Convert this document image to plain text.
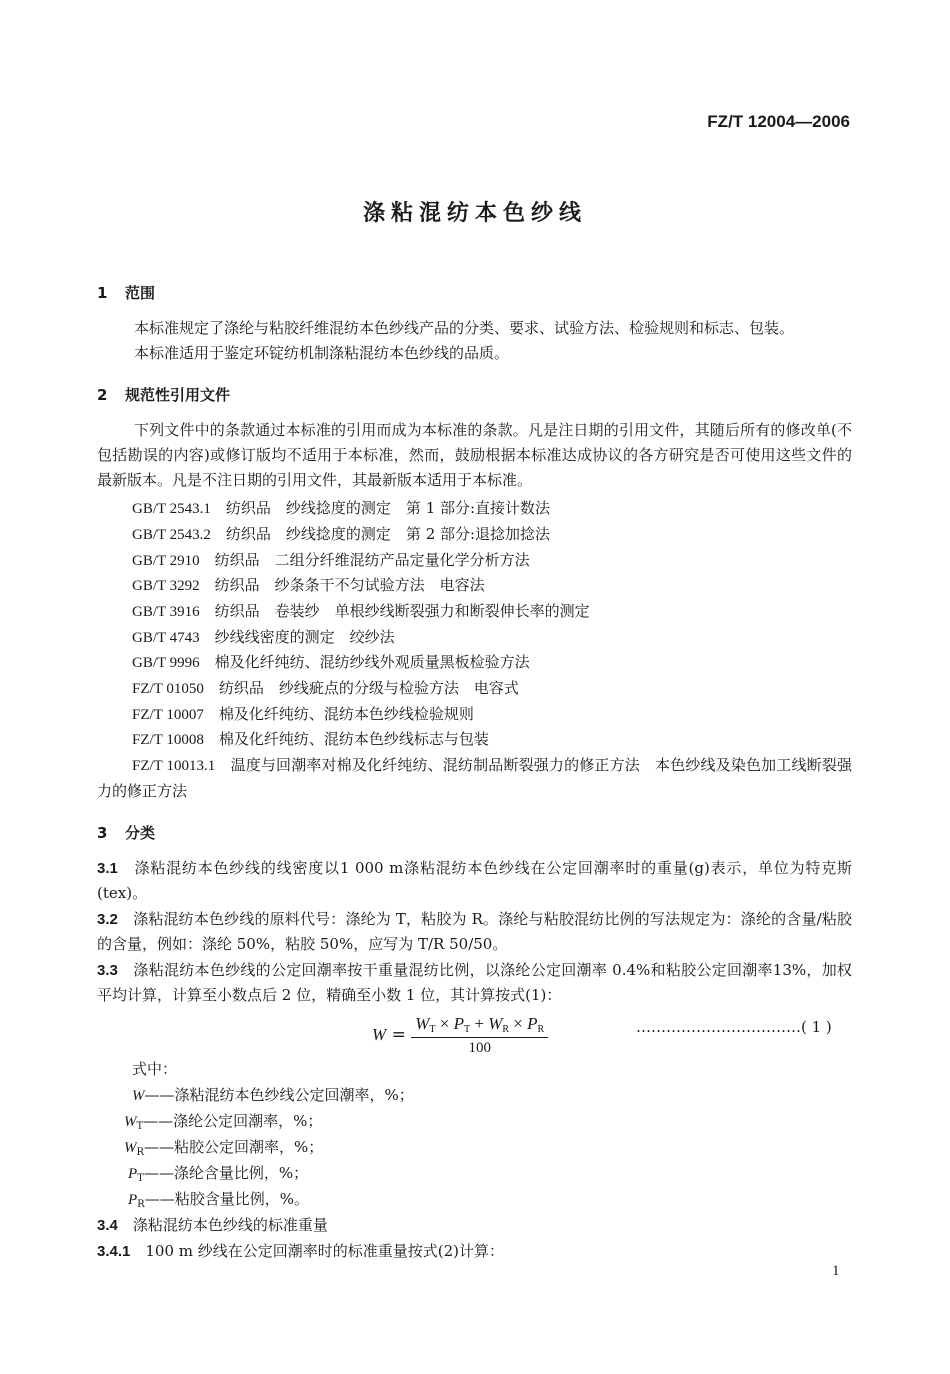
FZ/T 12004—2006
涤粘混纺本色纱线
1 范围
本标准规定了涤纶与粘胶纤维混纺本色纱线产品的分类、要求、试验方法、检验规则和标志、包装。
本标准适用于鉴定环锭纺机制涤粘混纺本色纱线的品质。
2 规范性引用文件
下列文件中的条款通过本标准的引用而成为本标准的条款。凡是注日期的引用文件，其随后所有的修改单(不包括勘误的内容)或修订版均不适用于本标准，然而，鼓励根据本标准达成协议的各方研究是否可使用这些文件的最新版本。凡是不注日期的引用文件，其最新版本适用于本标准。
GB/T 2543.1　 纺织品　纱线捻度的测定　第 1 部分:直接计数法
GB/T 2543.2　 纺织品　纱线捻度的测定　第 2 部分:退捻加捻法
GB/T 2910　 纺织品　二组分纤维混纺产品定量化学分析方法
GB/T 3292　 纺织品　纱条条干不匀试验方法　电容法
GB/T 3916　 纺织品　卷装纱　单根纱线断裂强力和断裂伸长率的测定
GB/T 4743　 纱线线密度的测定　绞纱法
GB/T 9996　 棉及化纤纯纺、混纺纱线外观质量黑板检验方法
FZ/T 01050　 纺织品　纱线疵点的分级与检验方法　电容式
FZ/T 10007　 棉及化纤纯纺、混纺本色纱线检验规则
FZ/T 10008　 棉及化纤纯纺、混纺本色纱线标志与包装
FZ/T 10013.1　 温度与回潮率对棉及化纤纯纺、混纺制品断裂强力的修正方法　本色纱线及染色加工线断裂强力的修正方法
3 分类
3.1　 涤粘混纺本色纱线的线密度以1 000 m涤粘混纺本色纱线在公定回潮率时的重量(g)表示，单位为特克斯(tex)。
3.2　 涤粘混纺本色纱线的原料代号：涤纶为 T，粘胶为 R。涤纶与粘胶混纺比例的写法规定为：涤纶的含量/粘胶的含量，例如：涤纶 50%，粘胶 50%，应写为 T/R 50/50。
3.3　 涤粘混纺本色纱线的公定回潮率按干重量混纺比例，以涤纶公定回潮率 0.4%和粘胶公定回潮率13%，加权平均计算，计算至小数点后 2 位，精确至小数 1 位，其计算按式(1)：
$W = \frac{W_T \times P_T + W_R \times P_R}{100}$	……………………………( 1 )
式中：
W——涤粘混纺本色纱线公定回潮率，%；
$W_T——$涤纶公定回潮率，%；
$W_R——$粘胶公定回潮率，%；
$P_T——$涤纶含量比例，%；
$P_R——$粘胶含量比例，%。
3.4　 涤粘混纺本色纱线的标准重量
3.4.1　 100 m 纱线在公定回潮率时的标准重量按式(2)计算：
1
